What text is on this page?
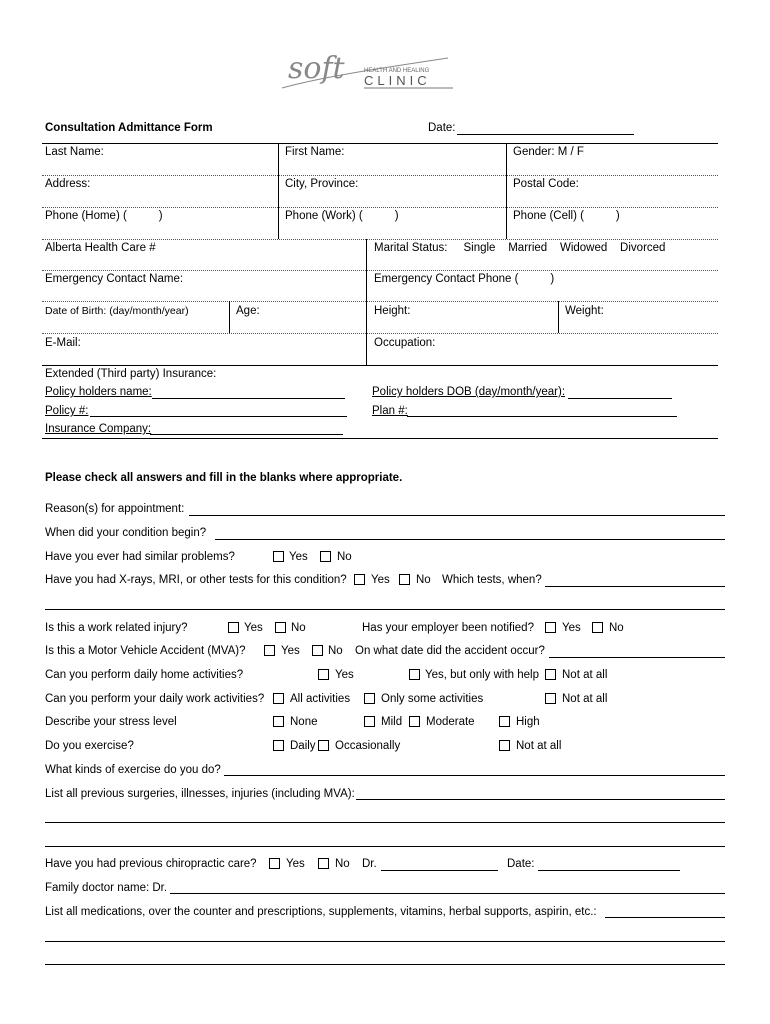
soft	HEALTH AND HEALING
CLINIC
Consultation Admittance Form	Date:
Last Name:	First Name:	Gender: M / F
Address:	City, Province:	Postal Code:
Phone (Home) (          )	Phone (Work) (          )	Phone (Cell) (          )
Alberta Health Care #	Marital Status:     Single    Married    Widowed    Divorced
Emergency Contact Name:	Emergency Contact Phone (          )
Date of Birth: (day/month/year)	Age:	Height:	Weight:
E-Mail:	Occupation:
Extended (Third party) Insurance:
Policy holders name:	Policy holders DOB (day/month/year):
Policy #:	Plan #:
Insurance Company:
Please check all answers and fill in the blanks where appropriate.
Reason(s) for appointment:
When did your condition begin?
Have you ever had similar problems?	Yes	No
Have you had X-rays, MRI, or other tests for this condition? Yes No Which tests, when?
Is this a work related injury?	Yes No	Has your employer been notified? Yes No
Is this a Motor Vehicle Accident (MVA)?	Yes No On what date did the accident occur?
Can you perform daily home activities?	Yes	Yes, but only with help Not at all
Can you perform your daily work activities? All activities	Only some activities	Not at all
Describe your stress level	None	Mild Moderate	High
Do you exercise?	Daily Occasionally	Not at all
What kinds of exercise do you do?
List all previous surgeries, illnesses, injuries (including MVA):
Have you had previous chiropractic care?	Yes	No Dr.	Date:
Family doctor name: Dr.
List all medications, over the counter and prescriptions, supplements, vitamins, herbal supports, aspirin, etc.:
